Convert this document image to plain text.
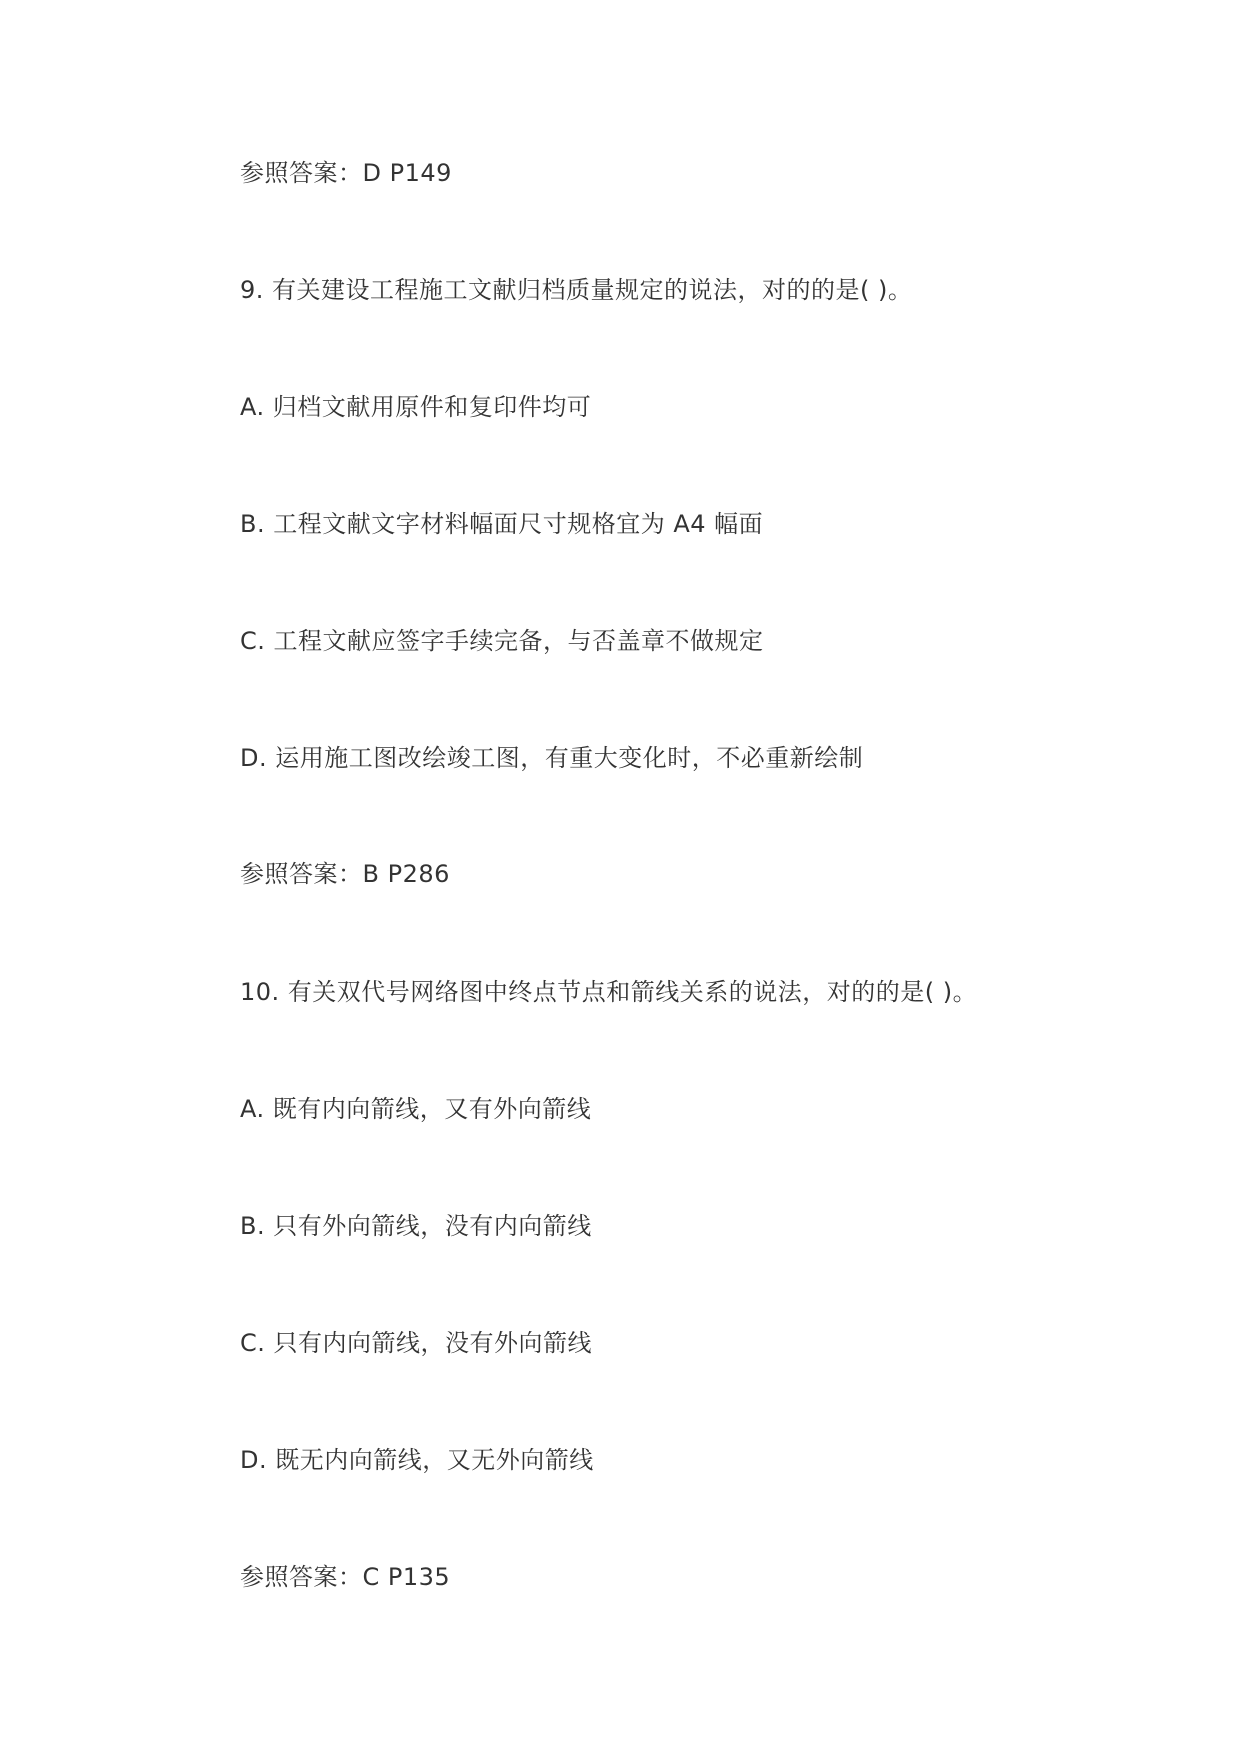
参照答案：D P149
9. 有关建设工程施工文献归档质量规定的说法，对的的是( )。
A. 归档文献用原件和复印件均可
B. 工程文献文字材料幅面尺寸规格宜为 A4 幅面
C. 工程文献应签字手续完备，与否盖章不做规定
D. 运用施工图改绘竣工图，有重大变化时，不必重新绘制
参照答案：B P286
10. 有关双代号网络图中终点节点和箭线关系的说法，对的的是( )。
A. 既有内向箭线，又有外向箭线
B. 只有外向箭线，没有内向箭线
C. 只有内向箭线，没有外向箭线
D. 既无内向箭线，又无外向箭线
参照答案：C P135
